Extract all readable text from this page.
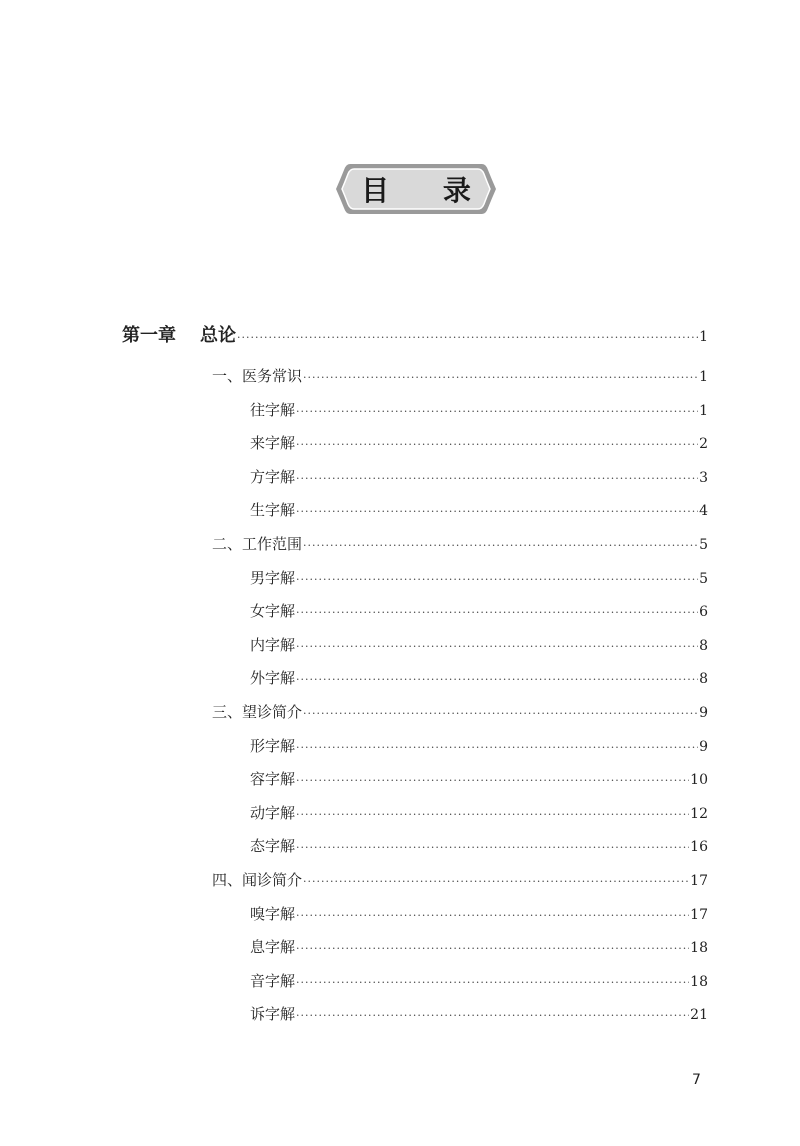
目 录
第一章 总论 ·····	1
一、医务常识 ·····	1
往字解 ·····	1
来字解 ·····	2
方字解 ·····	3
生字解 ·····	4
二、工作范围 ·····	5
男字解 ·····	5
女字解 ·····	6
内字解 ·····	8
外字解 ·····	8
三、望诊简介 ·····	9
形字解 ·····	9
容字解 ·····	10
动字解 ·····	12
态字解 ·····	16
四、闻诊简介 ·····	17
嗅字解 ·····	17
息字解 ·····	18
音字解 ·····	18
诉字解 ·····	21
7
